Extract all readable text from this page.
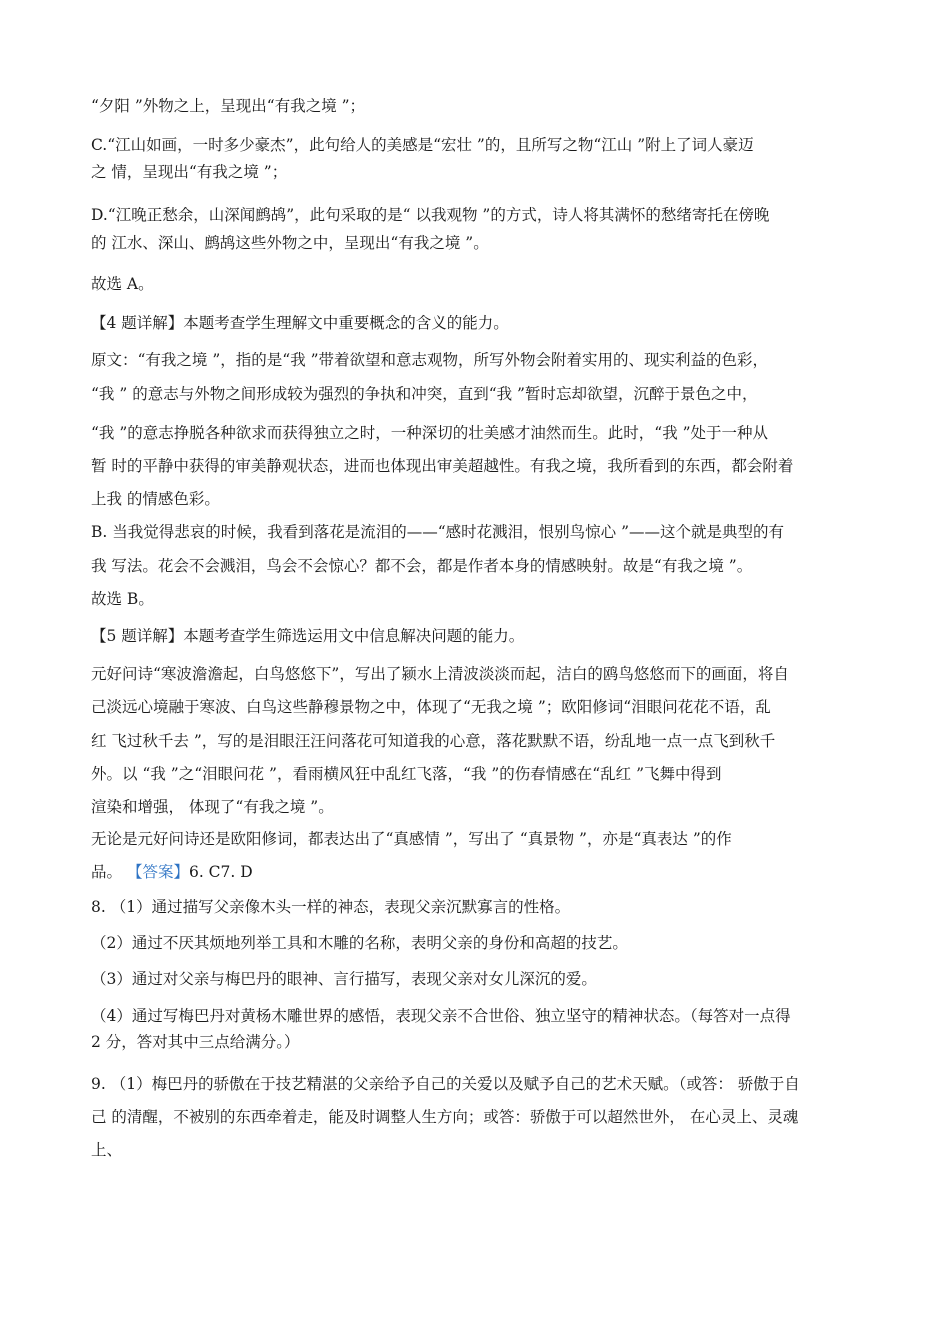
“夕阳 ”外物之上，呈现出“有我之境 ”；
C.“江山如画，一时多少豪杰”，此句给人的美感是“宏壮 ”的，且所写之物“江山 ”附上了词人豪迈
之 情，呈现出“有我之境 ”；
D.“江晚正愁余，山深闻鹧鸪”，此句采取的是“ 以我观物 ”的方式，诗人将其满怀的愁绪寄托在傍晚
的 江水、深山、鹧鸪这些外物之中，呈现出“有我之境 ”。
故选 A。
【4 题详解】本题考查学生理解文中重要概念的含义的能力。
原文：“有我之境 ”，指的是“我 ”带着欲望和意志观物，所写外物会附着实用的、现实利益的色彩，
“我 ” 的意志与外物之间形成较为强烈的争执和冲突，直到“我 ”暂时忘却欲望，沉醉于景色之中，
“我 ”的意志挣脱各种欲求而获得独立之时，一种深切的壮美感才油然而生。此时，“我 ”处于一种从
暂 时的平静中获得的审美静观状态，进而也体现出审美超越性。有我之境，我所看到的东西，都会附着
上我 的情感色彩。
B. 当我觉得悲哀的时候，我看到落花是流泪的——“感时花溅泪，恨别鸟惊心 ”——这个就是典型的有
我 写法。花会不会溅泪，鸟会不会惊心？都不会，都是作者本身的情感映射。故是“有我之境 ”。
故选 B。
【5 题详解】本题考查学生筛选运用文中信息解决问题的能力。
元好问诗“寒波澹澹起，白鸟悠悠下”，写出了颍水上清波淡淡而起，洁白的鸥鸟悠悠而下的画面，将自
己淡远心境融于寒波、白鸟这些静穆景物之中，体现了“无我之境 ”；欧阳修词“泪眼问花花不语，乱
红 飞过秋千去 ”，写的是泪眼汪汪问落花可知道我的心意，落花默默不语，纷乱地一点一点飞到秋千
外。以 “我 ”之“泪眼问花 ”，看雨横风狂中乱红飞落，“我 ”的伤春情感在“乱红 ”飞舞中得到
渲染和增强， 体现了“有我之境 ”。
无论是元好问诗还是欧阳修词，都表达出了“真感情 ”，写出了 “真景物 ”，亦是“真表达 ”的作
品。 【答案】6. C7. D
8. （1）通过描写父亲像木头一样的神态，表现父亲沉默寡言的性格。
（2）通过不厌其烦地列举工具和木雕的名称，表明父亲的身份和高超的技艺。
（3）通过对父亲与梅巴丹的眼神、言行描写，表现父亲对女儿深沉的爱。
（4）通过写梅巴丹对黄杨木雕世界的感悟，表现父亲不合世俗、独立坚守的精神状态。（每答对一点得
2 分，答对其中三点给满分。）
9. （1）梅巴丹的骄傲在于技艺精湛的父亲给予自己的关爱以及赋予自己的艺术天赋。（或答： 骄傲于自
己 的清醒，不被别的东西牵着走，能及时调整人生方向；或答：骄傲于可以超然世外， 在心灵上、灵魂
上、
